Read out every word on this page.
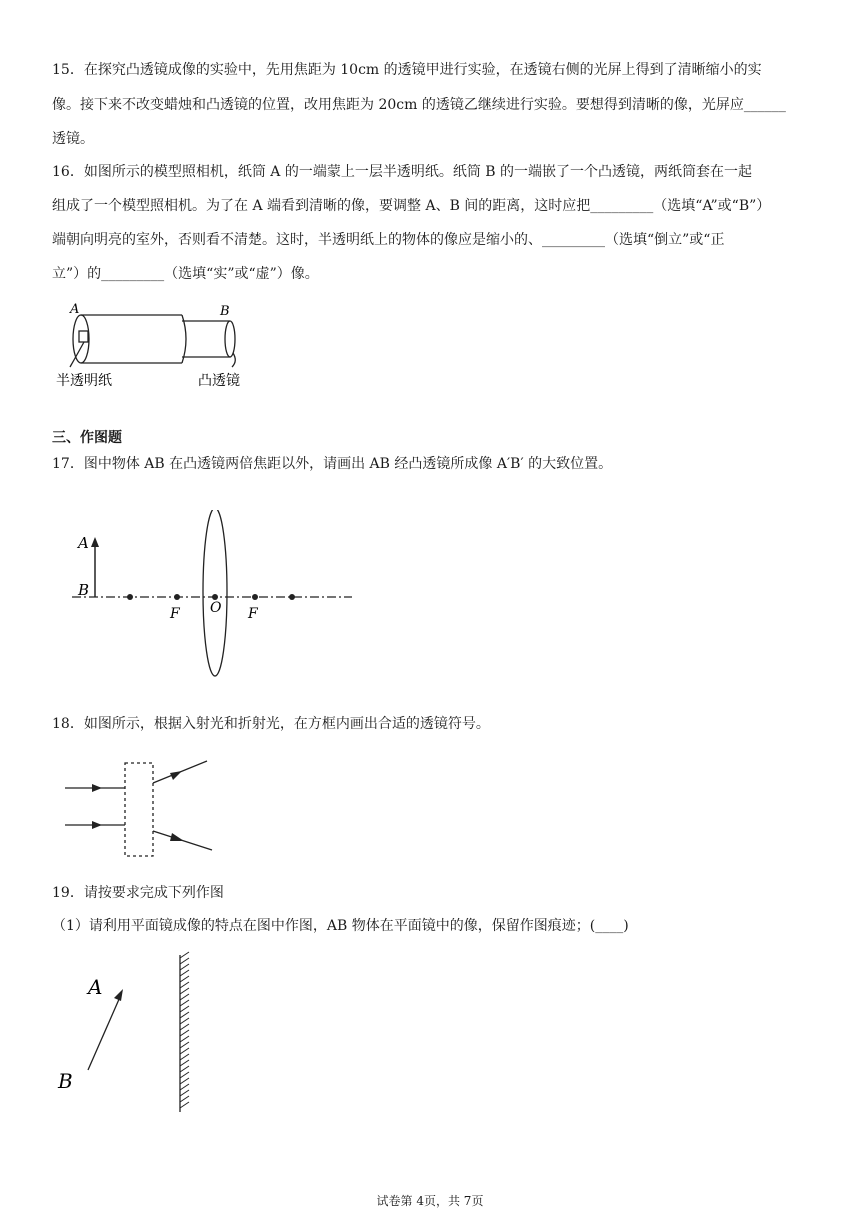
15．在探究凸透镜成像的实验中，先用焦距为 10cm 的透镜甲进行实验，在透镜右侧的光屏上得到了清晰缩小的实
像。接下来不改变蜡烛和凸透镜的位置，改用焦距为 20cm 的透镜乙继续进行实验。要想得到清晰的像，光屏应______
透镜。
16．如图所示的模型照相机，纸筒 A 的一端蒙上一层半透明纸。纸筒 B 的一端嵌了一个凸透镜，两纸筒套在一起
组成了一个模型照相机。为了在 A 端看到清晰的像，要调整 A、B 间的距离，这时应把_________（选填“A”或“B”）
端朝向明亮的室外，否则看不清楚。这时，半透明纸上的物体的像应是缩小的、_________（选填“倒立”或“正
立”）的_________（选填“实”或“虚”）像。
A	B
半透明纸	凸透镜
三、作图题
17．图中物体 AB 在凸透镜两倍焦距以外，请画出 AB 经凸透镜所成像 A′B′ 的大致位置。
A
B
F O F
18．如图所示，根据入射光和折射光，在方框内画出合适的透镜符号。
19．请按要求完成下列作图
（1）请利用平面镜成像的特点在图中作图，AB 物体在平面镜中的像，保留作图痕迹；(____)
A
B
试卷第 4页，共 7页
